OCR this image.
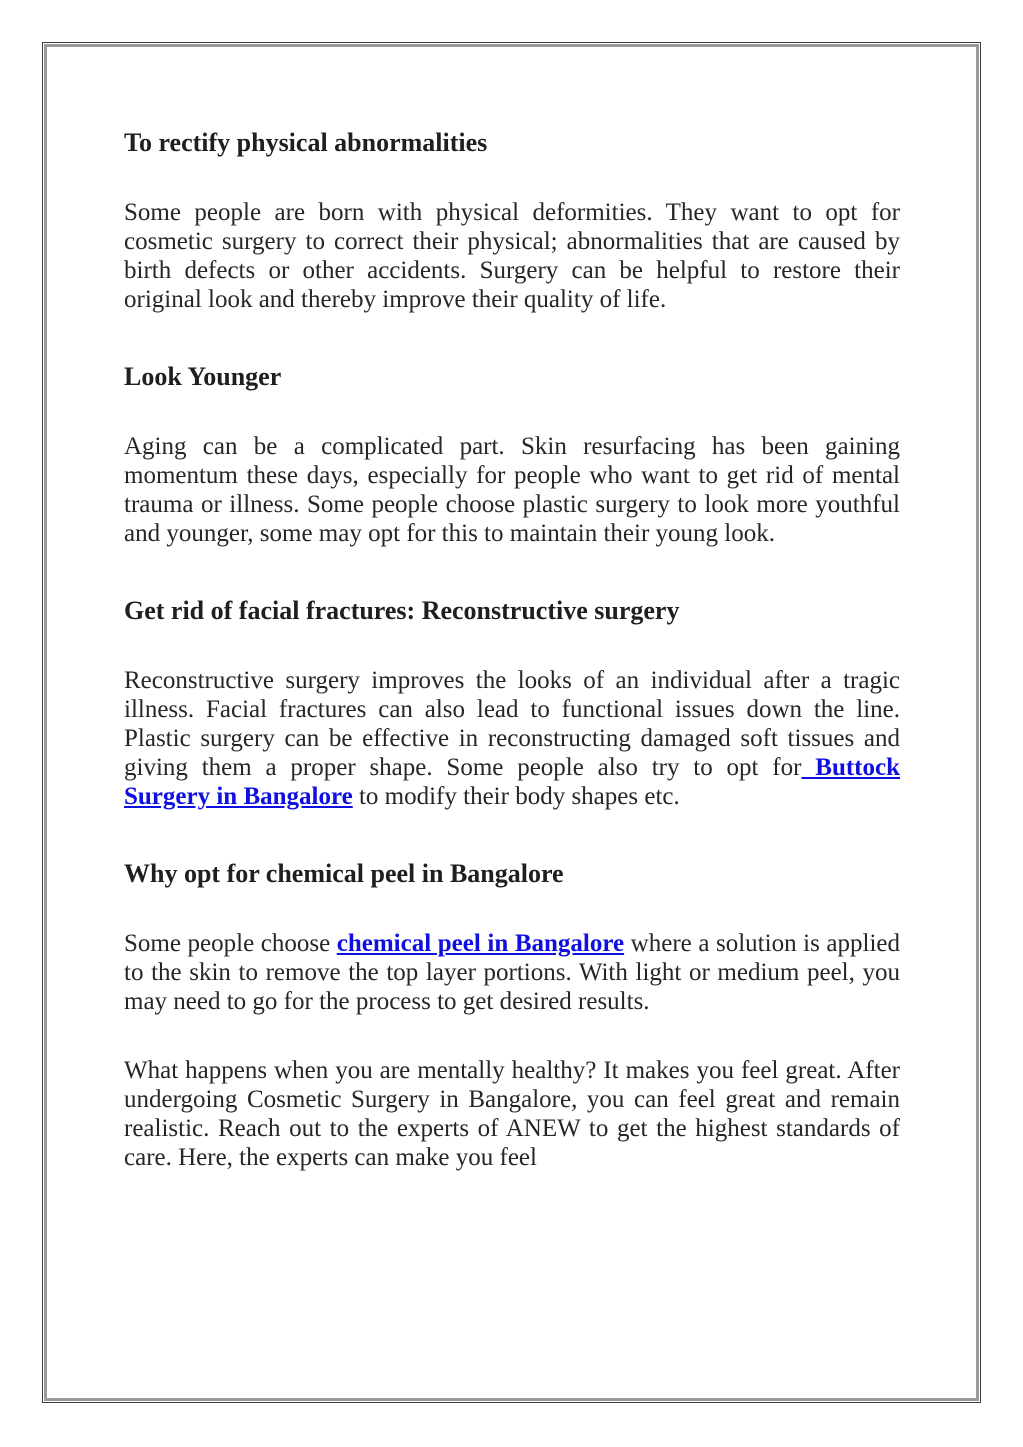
To rectify physical abnormalities

Some people are born with physical deformities. They want to opt for cosmetic surgery to correct their physical; abnormalities that are caused by birth defects or other accidents. Surgery can be helpful to restore their original look and thereby improve their quality of life.

Look Younger

Aging can be a complicated part. Skin resurfacing has been gaining momentum these days, especially for people who want to get rid of mental trauma or illness. Some people choose plastic surgery to look more youthful and younger, some may opt for this to maintain their young look.

Get rid of facial fractures: Reconstructive surgery

Reconstructive surgery improves the looks of an individual after a tragic illness. Facial fractures can also lead to functional issues down the line. Plastic surgery can be effective in reconstructing damaged soft tissues and giving them a proper shape. Some people also try to opt for Buttock Surgery in Bangalore to modify their body shapes etc.

Why opt for chemical peel in Bangalore

Some people choose chemical peel in Bangalore where a solution is applied to the skin to remove the top layer portions. With light or medium peel, you may need to go for the process to get desired results.

What happens when you are mentally healthy? It makes you feel great. After undergoing Cosmetic Surgery in Bangalore, you can feel great and remain realistic. Reach out to the experts of ANEW to get the highest standards of care. Here, the experts can make you feel
